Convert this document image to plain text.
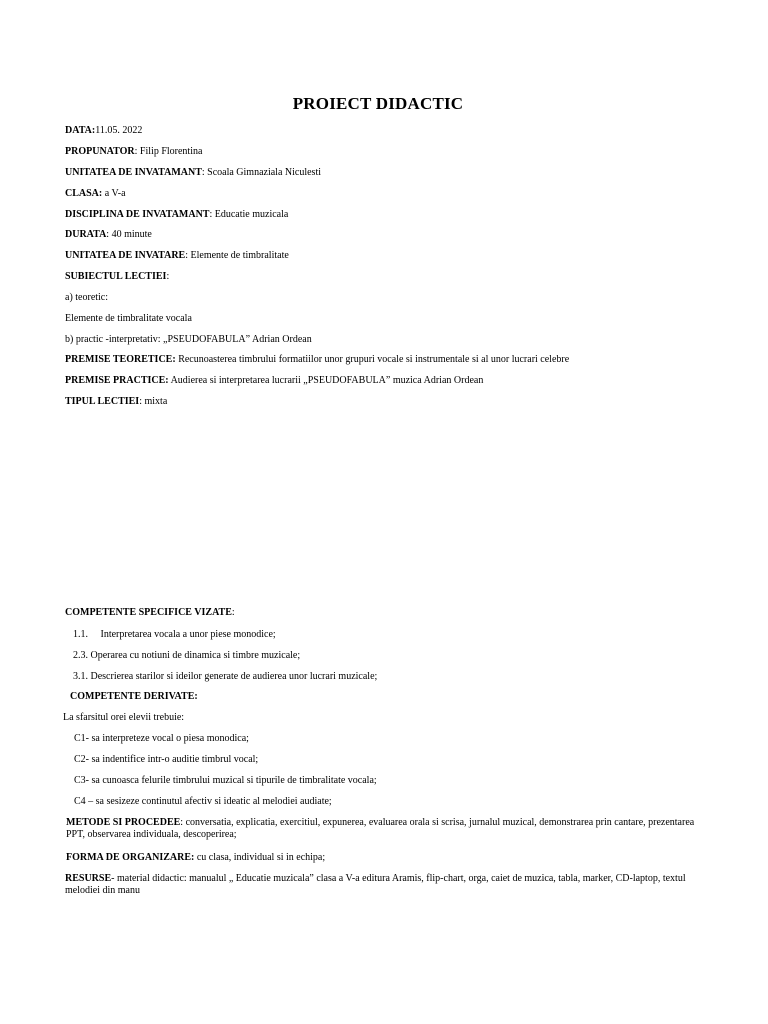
PROIECT DIDACTIC
DATA:11.05. 2022
PROPUNATOR: Filip Florentina
UNITATEA DE INVATAMANT: Scoala Gimnaziala Niculesti
CLASA: a V-a
DISCIPLINA DE INVATAMANT: Educatie muzicala
DURATA: 40 minute
UNITATEA DE INVATARE: Elemente de timbralitate
SUBIECTUL LECTIEI:
a) teoretic:
Elemente de timbralitate vocala
b) practic -interpretativ: „PSEUDOFABULA” Adrian Ordean
PREMISE TEORETICE: Recunoasterea timbrului formatiilor unor grupuri vocale si instrumentale si al unor lucrari celebre
PREMISE PRACTICE: Audierea si interpretarea lucrarii „PSEUDOFABULA” muzica Adrian Ordean
TIPUL LECTIEI: mixta
COMPETENTE SPECIFICE VIZATE:
1.1.     Interpretarea vocala a unor piese monodice;
2.3. Operarea cu notiuni de dinamica si timbre muzicale;
3.1. Descrierea starilor si ideilor generate de audierea unor lucrari muzicale;
COMPETENTE DERIVATE:
La sfarsitul orei elevii trebuie:
C1- sa interpreteze vocal o piesa monodica;
C2- sa indentifice intr-o auditie timbrul vocal;
C3- sa cunoasca felurile timbrului muzical si tipurile de timbralitate vocala;
C4 – sa sesizeze continutul afectiv si ideatic al melodiei audiate;
METODE SI PROCEDEE: conversatia, explicatia, exercitiul, expunerea, evaluarea orala si scrisa, jurnalul muzical, demonstrarea prin cantare, prezentarea PPT, observarea individuala, descoperirea;
FORMA DE ORGANIZARE: cu clasa, individual si in echipa;
RESURSE- material didactic: manualul „ Educatie muzicala” clasa a V-a editura Aramis, flip-chart, orga, caiet de muzica, tabla, marker, CD-laptop, textul melodiei din manu
